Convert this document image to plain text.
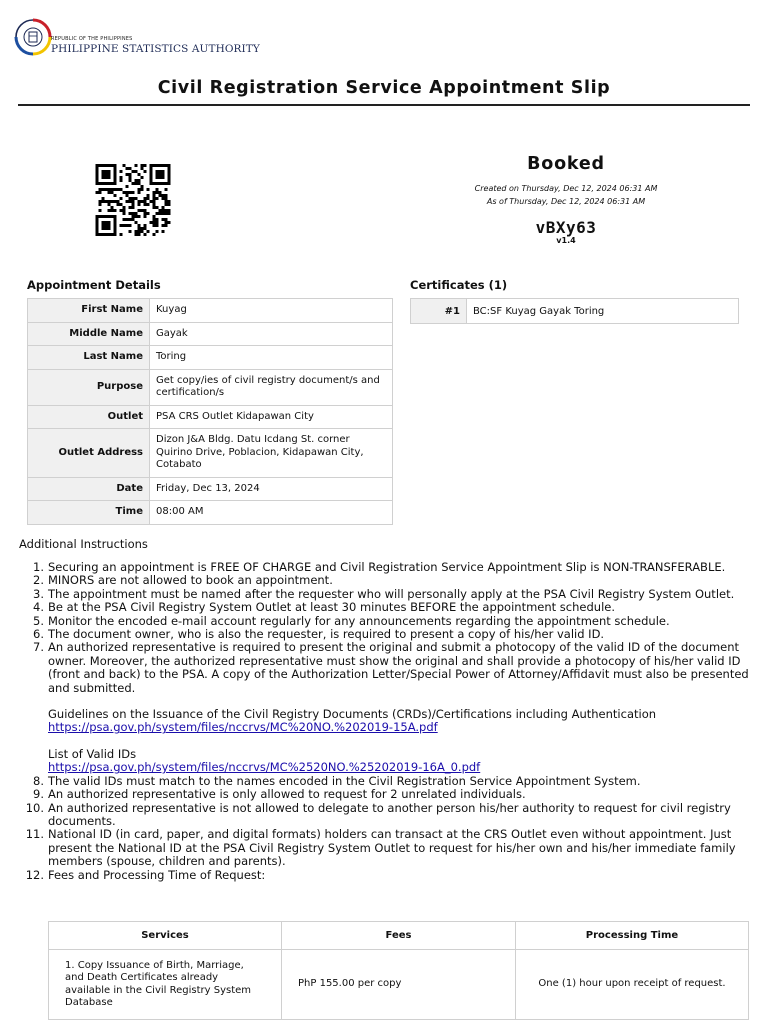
REPUBLIC OF THE PHILIPPINES
PHILIPPINE STATISTICS AUTHORITY
Civil Registration Service Appointment Slip
Booked
Created on Thursday, Dec 12, 2024 06:31 AM
As of Thursday, Dec 12, 2024 06:31 AM
vBXy63
v1.4
Appointment Details
First Name	Kuyag
Middle Name	Gayak
Last Name	Toring
Purpose	Get copy/ies of civil registry document/s and certification/s
Outlet	PSA CRS Outlet Kidapawan City
Outlet Address	Dizon J&A Bldg. Datu Icdang St. corner Quirino Drive, Poblacion, Kidapawan City, Cotabato
Date	Friday, Dec 13, 2024
Time	08:00 AM
Certificates (1)
#1	BC:SF Kuyag Gayak Toring
Additional Instructions
1. Securing an appointment is FREE OF CHARGE and Civil Registration Service Appointment Slip is NON-TRANSFERABLE.
2. MINORS are not allowed to book an appointment.
3. The appointment must be named after the requester who will personally apply at the PSA Civil Registry System Outlet.
4. Be at the PSA Civil Registry System Outlet at least 30 minutes BEFORE the appointment schedule.
5. Monitor the encoded e-mail account regularly for any announcements regarding the appointment schedule.
6. The document owner, who is also the requester, is required to present a copy of his/her valid ID.
7. An authorized representative is required to present the original and submit a photocopy of the valid ID of the document owner. Moreover, the authorized representative must show the original and shall provide a photocopy of his/her valid ID (front and back) to the PSA. A copy of the Authorization Letter/Special Power of Attorney/Affidavit must also be presented and submitted.
Guidelines on the Issuance of the Civil Registry Documents (CRDs)/Certifications including Authentication
https://psa.gov.ph/system/files/nccrvs/MC%20NO.%202019-15A.pdf
List of Valid IDs
https://psa.gov.ph/system/files/nccrvs/MC%2520NO.%25202019-16A_0.pdf
8. The valid IDs must match to the names encoded in the Civil Registration Service Appointment System.
9. An authorized representative is only allowed to request for 2 unrelated individuals.
10. An authorized representative is not allowed to delegate to another person his/her authority to request for civil registry documents.
11. National ID (in card, paper, and digital formats) holders can transact at the CRS Outlet even without appointment. Just present the National ID at the PSA Civil Registry System Outlet to request for his/her own and his/her immediate family members (spouse, children and parents).
12. Fees and Processing Time of Request:
Services	Fees	Processing Time
1. Copy Issuance of Birth, Marriage, and Death Certificates already available in the Civil Registry System Database	PhP 155.00 per copy	One (1) hour upon receipt of request.
